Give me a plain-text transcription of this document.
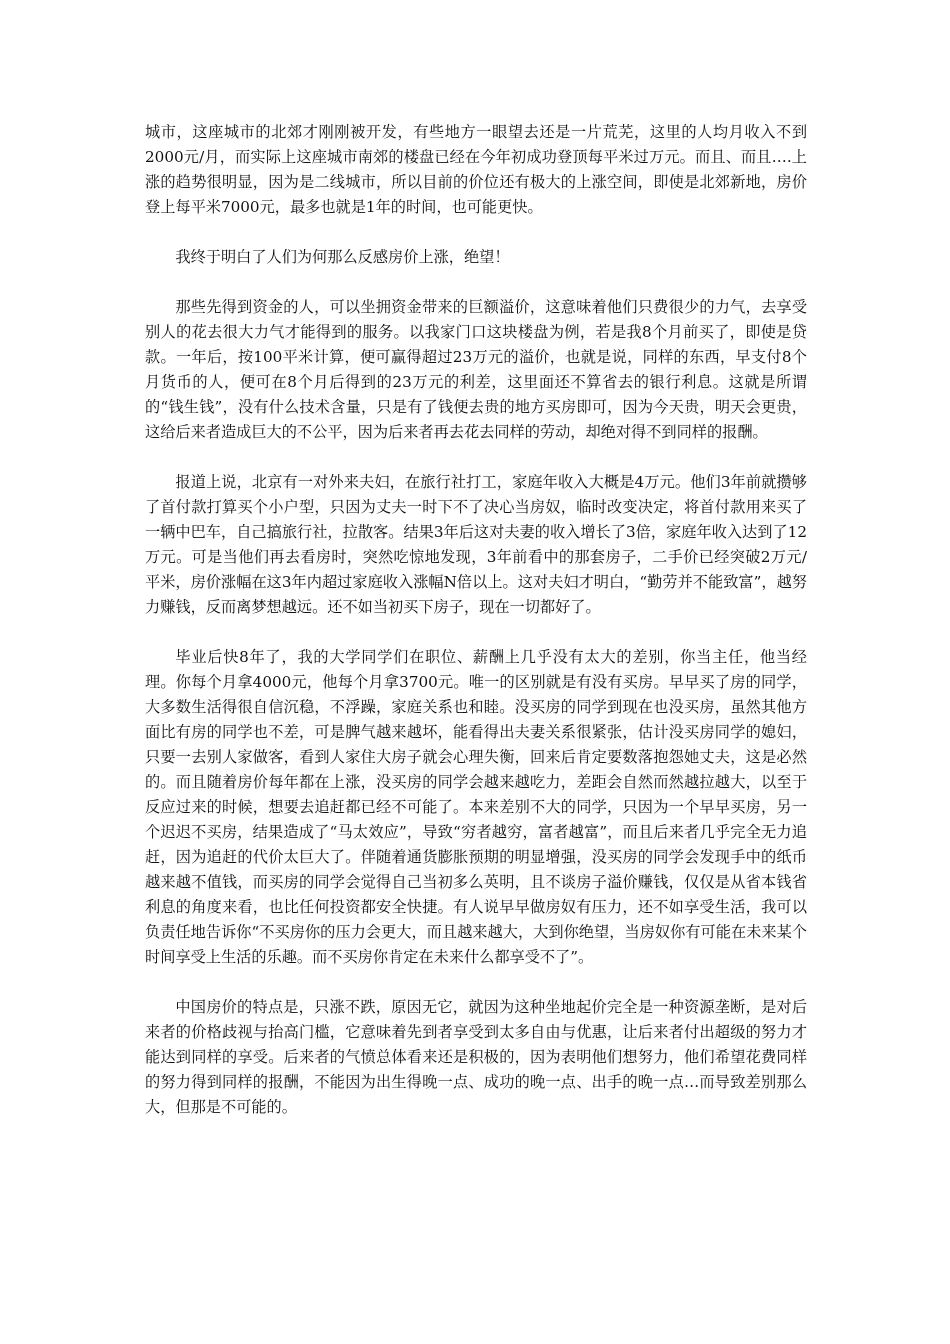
城市，这座城市的北郊才刚刚被开发，有些地方一眼望去还是一片荒芜，这里的人均月收入不到2000元/月，而实际上这座城市南郊的楼盘已经在今年初成功登顶每平米过万元。而且、而且….上涨的趋势很明显，因为是二线城市，所以目前的价位还有极大的上涨空间，即使是北郊新地，房价登上每平米7000元，最多也就是1年的时间，也可能更快。

我终于明白了人们为何那么反感房价上涨，绝望！

那些先得到资金的人，可以坐拥资金带来的巨额溢价，这意味着他们只费很少的力气，去享受别人的花去很大力气才能得到的服务。以我家门口这块楼盘为例，若是我8个月前买了，即使是贷款。一年后，按100平米计算，便可赢得超过23万元的溢价，也就是说，同样的东西，早支付8个月货币的人，便可在8个月后得到的23万元的利差，这里面还不算省去的银行利息。这就是所谓的“钱生钱”，没有什么技术含量，只是有了钱便去贵的地方买房即可，因为今天贵，明天会更贵，这给后来者造成巨大的不公平，因为后来者再去花去同样的劳动，却绝对得不到同样的报酬。

报道上说，北京有一对外来夫妇，在旅行社打工，家庭年收入大概是4万元。他们3年前就攒够了首付款打算买个小户型，只因为丈夫一时下不了决心当房奴，临时改变决定，将首付款用来买了一辆中巴车，自己搞旅行社，拉散客。结果3年后这对夫妻的收入增长了3倍，家庭年收入达到了12万元。可是当他们再去看房时，突然吃惊地发现，3年前看中的那套房子，二手价已经突破2万元/平米，房价涨幅在这3年内超过家庭收入涨幅N倍以上。这对夫妇才明白，“勤劳并不能致富”，越努力赚钱，反而离梦想越远。还不如当初买下房子，现在一切都好了。

毕业后快8年了，我的大学同学们在职位、薪酬上几乎没有太大的差别，你当主任，他当经理。你每个月拿4000元，他每个月拿3700元。唯一的区别就是有没有买房。早早买了房的同学，大多数生活得很自信沉稳，不浮躁，家庭关系也和睦。没买房的同学到现在也没买房，虽然其他方面比有房的同学也不差，可是脾气越来越坏，能看得出夫妻关系很紧张，估计没买房同学的媳妇，只要一去别人家做客，看到人家住大房子就会心理失衡，回来后肯定要数落抱怨她丈夫，这是必然的。而且随着房价每年都在上涨，没买房的同学会越来越吃力，差距会自然而然越拉越大，以至于反应过来的时候，想要去追赶都已经不可能了。本来差别不大的同学，只因为一个早早买房，另一个迟迟不买房，结果造成了“马太效应”，导致“穷者越穷，富者越富”，而且后来者几乎完全无力追赶，因为追赶的代价太巨大了。伴随着通货膨胀预期的明显增强，没买房的同学会发现手中的纸币越来越不值钱，而买房的同学会觉得自己当初多么英明，且不谈房子溢价赚钱，仅仅是从省本钱省利息的角度来看，也比任何投资都安全快捷。有人说早早做房奴有压力，还不如享受生活，我可以负责任地告诉你“不买房你的压力会更大，而且越来越大，大到你绝望，当房奴你有可能在未来某个时间享受上生活的乐趣。而不买房你肯定在未来什么都享受不了”。

中国房价的特点是，只涨不跌，原因无它，就因为这种坐地起价完全是一种资源垄断，是对后来者的价格歧视与抬高门槛，它意味着先到者享受到太多自由与优惠，让后来者付出超级的努力才能达到同样的享受。后来者的气愤总体看来还是积极的，因为表明他们想努力，他们希望花费同样的努力得到同样的报酬，不能因为出生得晚一点、成功的晚一点、出手的晚一点…而导致差别那么大，但那是不可能的。
